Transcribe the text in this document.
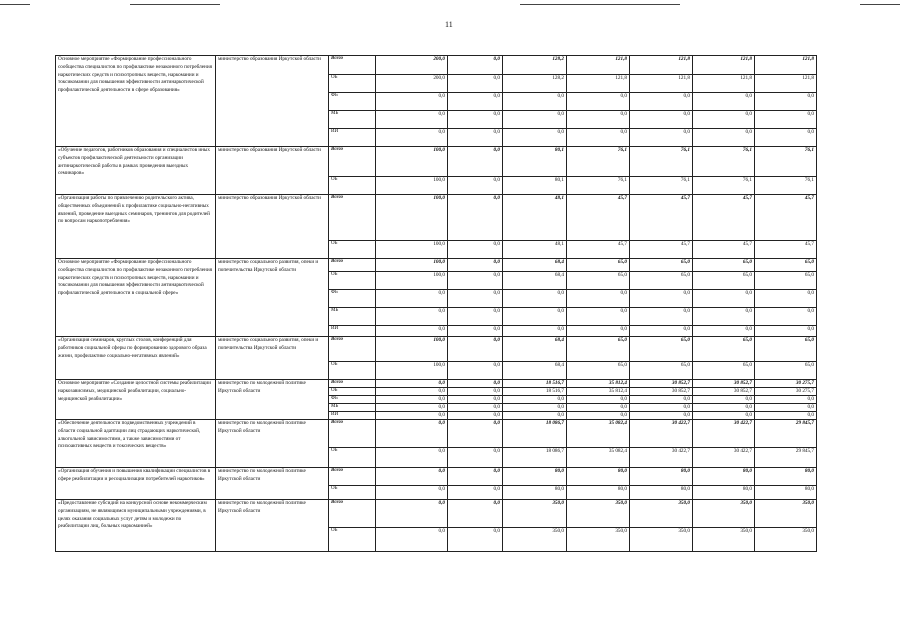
11
Основное мероприятие «Формирование профессионального сообщества специалистов по профилактике незаконного потребления наркотических средств и психотропных веществ, наркомании и токсикомании для повышения эффективности антинаркотической профилактической деятельности в сфере образования»	министерство образования Иркутской области	Всего	200,0	0,0	128,2	121,8	121,8	121,8	121,8
		ОБ	200,0	0,0	128,2	121,8	121,8	121,8	121,8
		ФБ	0,0	0,0	0,0	0,0	0,0	0,0	0,0
		МБ	0,0	0,0	0,0	0,0	0,0	0,0	0,0
		ИИ	0,0	0,0	0,0	0,0	0,0	0,0	0,0
«Обучение педагогов, работников образования и специалистов иных субъектов профилактической деятельности организации антинаркотической работы в рамках проведения выездных семинаров»	министерство образования Иркутской области	Всего	100,0	0,0	80,1	76,1	76,1	76,1	76,1
		ОБ	100,0	0,0	80,1	76,1	76,1	76,1	76,1
«Организация работы по привлечению родительского актива, общественных объединений к профилактике социально-негативных явлений, проведение выездных семинаров, тренингов для родителей по вопросам наркопотребления»	министерство образования Иркутской области	Всего	100,0	0,0	48,1	45,7	45,7	45,7	45,7
		ОБ	100,0	0,0	48,1	45,7	45,7	45,7	45,7
Основное мероприятие «Формирование профессионального сообщества специалистов по профилактике незаконного потребления наркотических средств и психотропных веществ, наркомании и токсикомании для повышения эффективности антинаркотической профилактической деятельности в социальной сфере»	министерство социального развития, опеки и попечительства Иркутской области	Всего	100,0	0,0	68,4	65,0	65,0	65,0	65,0
		ОБ	100,0	0,0	68,4	65,0	65,0	65,0	65,0
		ФБ	0,0	0,0	0,0	0,0	0,0	0,0	0,0
		МБ	0,0	0,0	0,0	0,0	0,0	0,0	0,0
		ИИ	0,0	0,0	0,0	0,0	0,0	0,0	0,0
«Организация семинаров, круглых столов, конференций для работников социальной сферы по формированию здорового образа жизни, профилактике социально-негативных явлений»	министерство социального развития, опеки и попечительства Иркутской области	Всего	100,0	0,0	68,4	65,0	65,0	65,0	65,0
		ОБ	100,0	0,0	68,4	65,0	65,0	65,0	65,0
Основное мероприятие «Создание целостной системы реабилитации наркозависимых, медицинской реабилитации, социально-медицинской реабилитации»	министерство по молодежной политике Иркутской области	Всего	0,0	0,0	18 516,7	35 812,4	30 852,7	30 852,7	30 275,7
		ОБ	0,0	0,0	18 516,7	35 812,4	30 852,7	30 852,7	30 275,7
		ФБ	0,0	0,0	0,0	0,0	0,0	0,0	0,0
		МБ	0,0	0,0	0,0	0,0	0,0	0,0	0,0
		ИИ	0,0	0,0	0,0	0,0	0,0	0,0	0,0
«Обеспечение деятельности подведомственных учреждений в области социальной адаптации лиц страдающих наркотической, алкогольной зависимостями, а также зависимостями от психоактивных веществ и токсических веществ»	министерство по молодежной политике Иркутской области	Всего	0,0	0,0	18 086,7	35 082,4	30 422,7	30 422,7	29 845,7
		ОБ	0,0	0,0	18 086,7	35 082,4	30 422,7	30 422,7	29 845,7
«Организация обучения и повышения квалификации специалистов в сфере реабилитации и ресоциализации потребителей наркотиков»	министерство по молодежной политике Иркутской области	Всего	0,0	0,0	80,0	80,0	80,0	80,0	80,0
		ОБ	0,0	0,0	80,0	80,0	80,0	80,0	80,0
«Предоставление субсидий на конкурсной основе некоммерческим организациям, не являющимся муниципальными учреждениями, в целях оказания социальных услуг детям и молодежи по реабилитации лиц, больных наркоманией»	министерство по молодежной политике Иркутской области	Всего	0,0	0,0	350,0	350,0	350,0	350,0	350,0
		ОБ	0,0	0,0	350,0	350,0	350,0	350,0	350,0
